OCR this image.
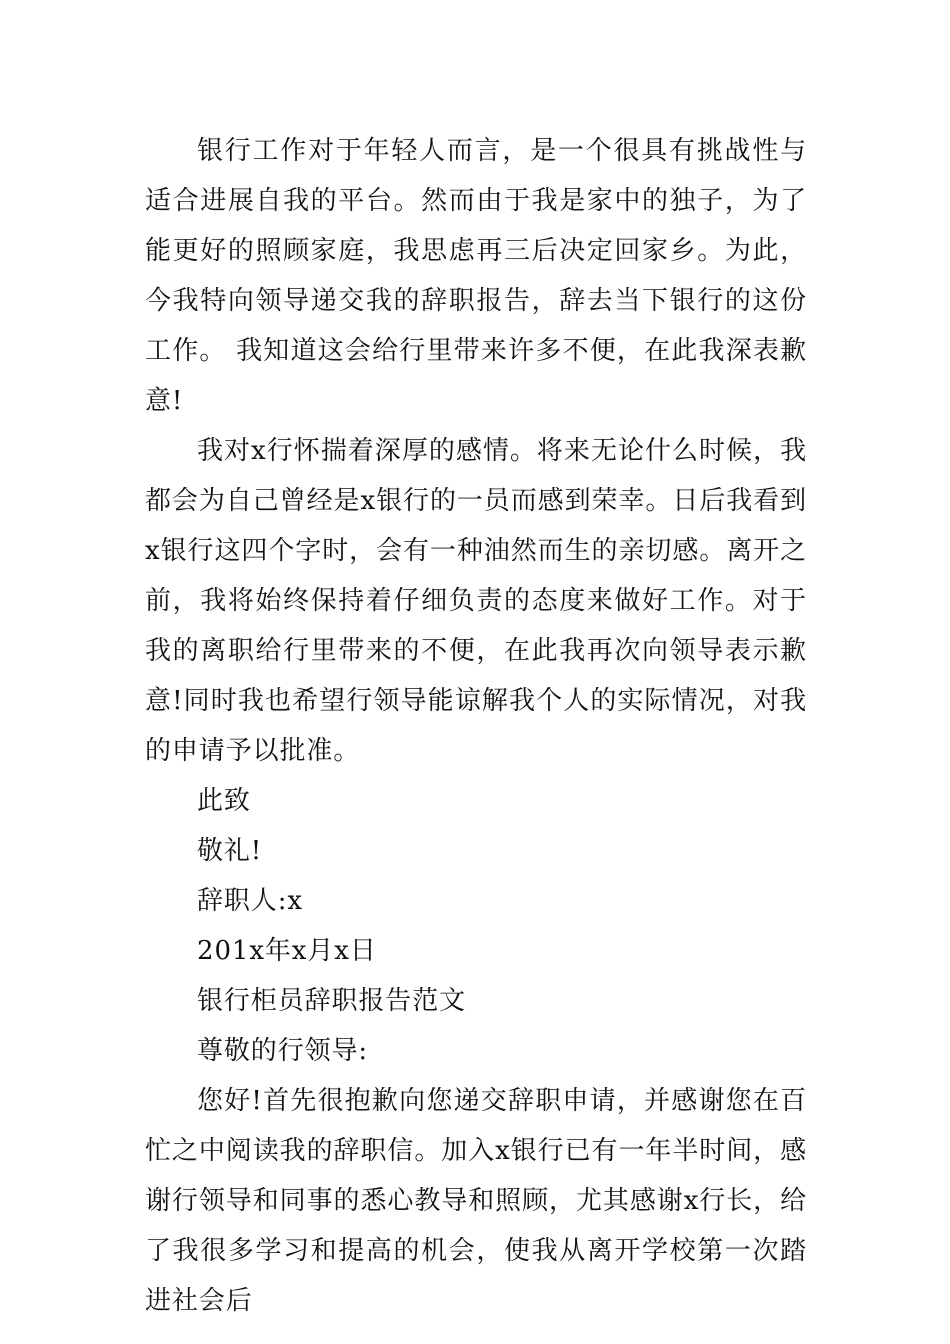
银行工作对于年轻人而言，是一个很具有挑战性与适合进展自我的平台。然而由于我是家中的独子，为了能更好的照顾家庭，我思虑再三后决定回家乡。为此，今我特向领导递交我的辞职报告，辞去当下银行的这份工作。 我知道这会给行里带来许多不便，在此我深表歉意!

我对x行怀揣着深厚的感情。将来无论什么时候，我都会为自己曾经是x银行的一员而感到荣幸。日后我看到x银行这四个字时，会有一种油然而生的亲切感。离开之前，我将始终保持着仔细负责的态度来做好工作。对于我的离职给行里带来的不便，在此我再次向领导表示歉意!同时我也希望行领导能谅解我个人的实际情况，对我的申请予以批准。

此致

敬礼!

辞职人:x

201x年x月x日

银行柜员辞职报告范文

尊敬的行领导:

您好!首先很抱歉向您递交辞职申请，并感谢您在百忙之中阅读我的辞职信。加入x银行已有一年半时间，感谢行领导和同事的悉心教导和照顾，尤其感谢x行长，给了我很多学习和提高的机会，使我从离开学校第一次踏进社会后
